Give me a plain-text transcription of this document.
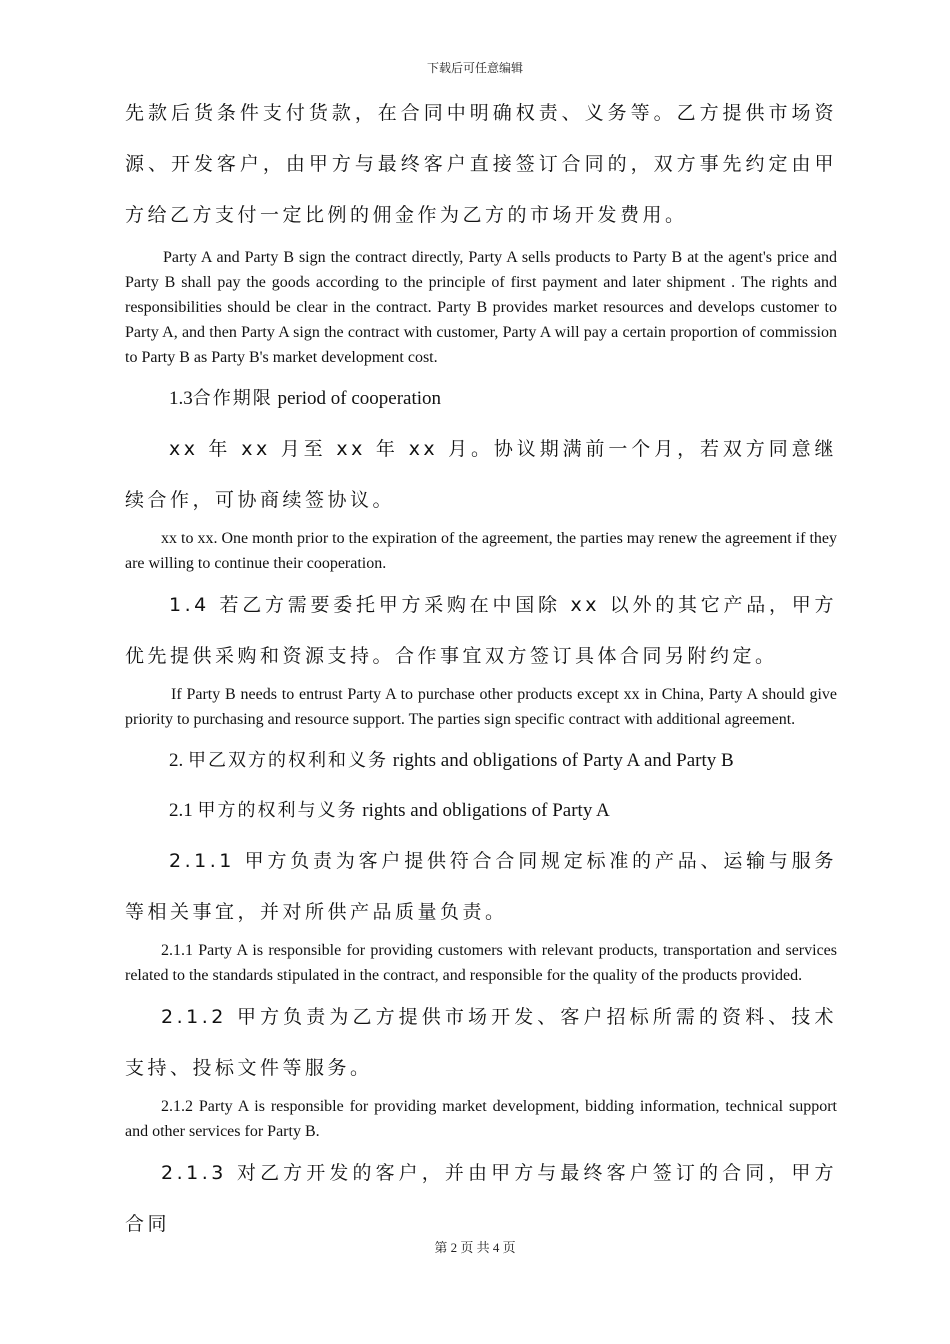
下载后可任意编辑

先款后货条件支付货款，在合同中明确权责、义务等。乙方提供市场资源、开发客户，由甲方与最终客户直接签订合同的，双方事先约定由甲方给乙方支付一定比例的佣金作为乙方的市场开发费用。

Party A and Party B sign the contract directly, Party A sells products to Party B at the agent's price and Party B shall pay the goods according to the principle of first payment and later shipment . The rights and responsibilities should be clear in the contract. Party B provides market resources and develops customer to Party A, and then Party A sign the contract with customer, Party A will pay a certain proportion of commission to Party B as Party B's market development cost.

1.3合作期限 period of cooperation

xx 年 xx 月至 xx 年 xx 月。协议期满前一个月，若双方同意继续合作，可协商续签协议。

xx to xx. One month prior to the expiration of the agreement, the parties may renew the agreement if they are willing to continue their cooperation.

1.4 若乙方需要委托甲方采购在中国除 xx 以外的其它产品，甲方优先提供采购和资源支持。合作事宜双方签订具体合同另附约定。

If Party B needs to entrust Party A to purchase other products except xx in China, Party A should give priority to purchasing and resource support. The parties sign specific contract with additional agreement.

2. 甲乙双方的权利和义务 rights and obligations of Party A and Party B

2.1 甲方的权利与义务 rights and obligations of Party A

2.1.1 甲方负责为客户提供符合合同规定标准的产品、运输与服务等相关事宜，并对所供产品质量负责。

2.1.1 Party A is responsible for providing customers with relevant products, transportation and services related to the standards stipulated in the contract, and responsible for the quality of the products provided.

2.1.2 甲方负责为乙方提供市场开发、客户招标所需的资料、技术支持、投标文件等服务。

2.1.2 Party A is responsible for providing market development, bidding information, technical support and other services for Party B.

2.1.3 对乙方开发的客户，并由甲方与最终客户签订的合同，甲方合同

第 2 页 共 4 页
